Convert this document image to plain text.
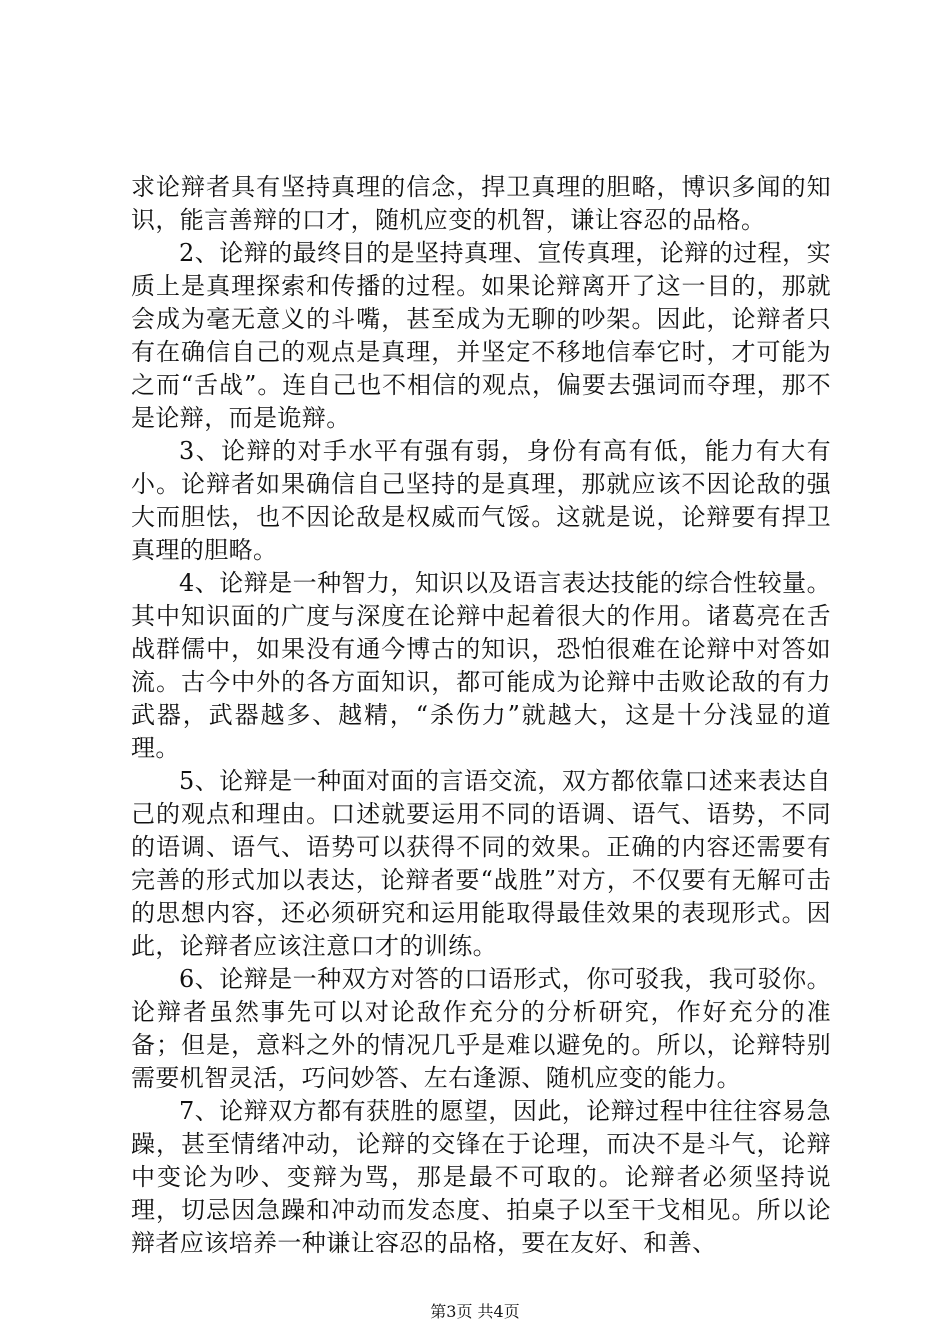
求论辩者具有坚持真理的信念，捍卫真理的胆略，博识多闻的知识，能言善辩的口才，随机应变的机智，谦让容忍的品格。

2、论辩的最终目的是坚持真理、宣传真理，论辩的过程，实质上是真理探索和传播的过程。如果论辩离开了这一目的，那就会成为毫无意义的斗嘴，甚至成为无聊的吵架。因此，论辩者只有在确信自己的观点是真理，并坚定不移地信奉它时，才可能为之而“舌战”。连自己也不相信的观点，偏要去强词而夺理，那不是论辩，而是诡辩。

3、论辩的对手水平有强有弱，身份有高有低，能力有大有小。论辩者如果确信自己坚持的是真理，那就应该不因论敌的强大而胆怯，也不因论敌是权威而气馁。这就是说，论辩要有捍卫真理的胆略。

4、论辩是一种智力，知识以及语言表达技能的综合性较量。其中知识面的广度与深度在论辩中起着很大的作用。诸葛亮在舌战群儒中，如果没有通今博古的知识，恐怕很难在论辩中对答如流。古今中外的各方面知识，都可能成为论辩中击败论敌的有力武器，武器越多、越精，“杀伤力”就越大，这是十分浅显的道理。

5、论辩是一种面对面的言语交流，双方都依靠口述来表达自己的观点和理由。口述就要运用不同的语调、语气、语势，不同的语调、语气、语势可以获得不同的效果。正确的内容还需要有完善的形式加以表达，论辩者要“战胜”对方，不仅要有无解可击的思想内容，还必须研究和运用能取得最佳效果的表现形式。因此，论辩者应该注意口才的训练。

6、论辩是一种双方对答的口语形式，你可驳我，我可驳你。论辩者虽然事先可以对论敌作充分的分析研究，作好充分的准备；但是，意料之外的情况几乎是难以避免的。所以，论辩特别需要机智灵活，巧问妙答、左右逢源、随机应变的能力。

7、论辩双方都有获胜的愿望，因此，论辩过程中往往容易急躁，甚至情绪冲动，论辩的交锋在于论理，而决不是斗气，论辩中变论为吵、变辩为骂，那是最不可取的。论辩者必须坚持说理，切忌因急躁和冲动而发态度、拍桌子以至干戈相见。所以论辩者应该培养一种谦让容忍的品格，要在友好、和善、

第3页 共4页
